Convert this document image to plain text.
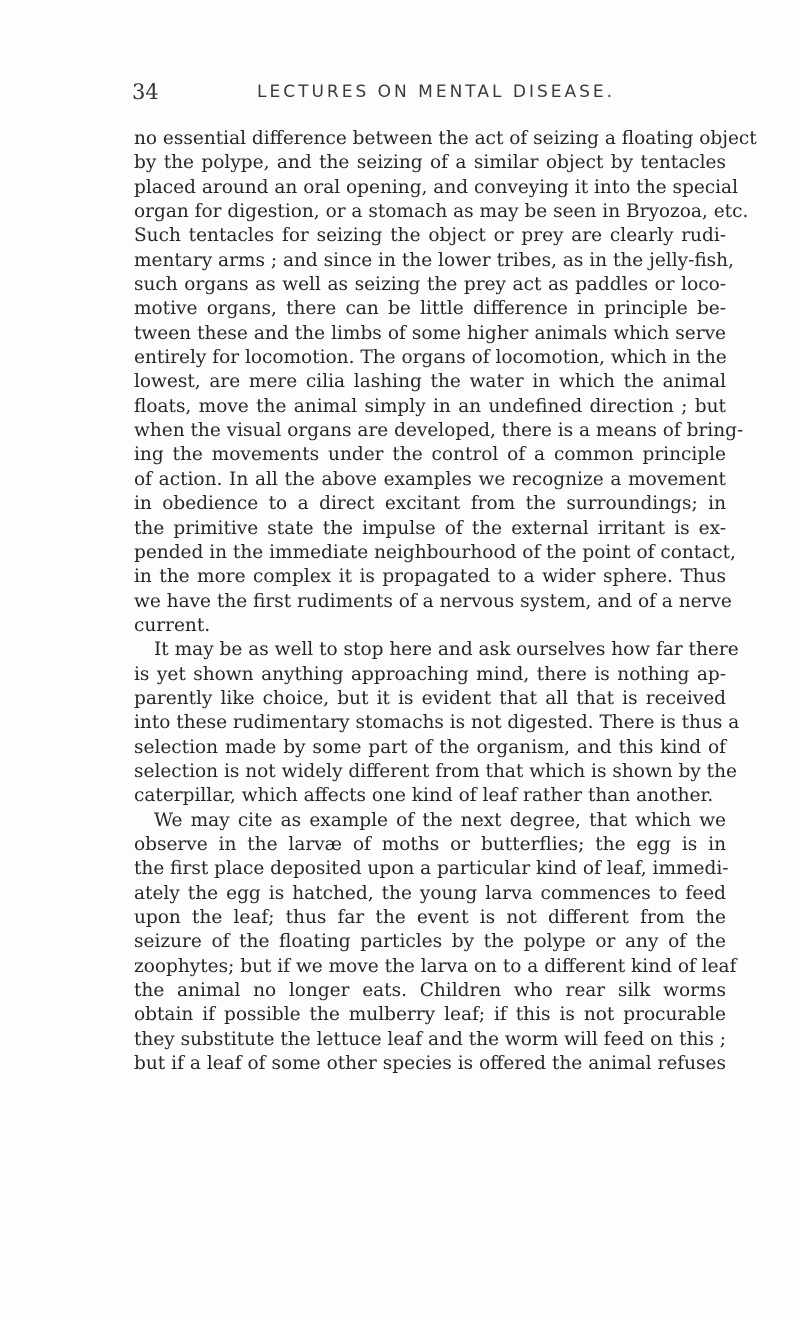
34	LECTURES ON MENTAL DISEASE.
no essential difference between the act of seizing a floating object
by the polype, and the seizing of a similar object by tentacles
placed around an oral opening, and conveying it into the special
organ for digestion, or a stomach as may be seen in Bryozoa, etc.
Such tentacles for seizing the object or prey are clearly rudi-
mentary arms ; and since in the lower tribes, as in the jelly-fish,
such organs as well as seizing the prey act as paddles or loco-
motive organs, there can be little difference in principle be-
tween these and the limbs of some higher animals which serve
entirely for locomotion. The organs of locomotion, which in the
lowest, are mere cilia lashing the water in which the animal
floats, move the animal simply in an undefined direction ; but
when the visual organs are developed, there is a means of bring-
ing the movements under the control of a common principle
of action. In all the above examples we recognize a movement
in obedience to a direct excitant from the surroundings; in
the primitive state the impulse of the external irritant is ex-
pended in the immediate neighbourhood of the point of contact,
in the more complex it is propagated to a wider sphere. Thus
we have the first rudiments of a nervous system, and of a nerve
current.
It may be as well to stop here and ask ourselves how far there
is yet shown anything approaching mind, there is nothing ap-
parently like choice, but it is evident that all that is received
into these rudimentary stomachs is not digested. There is thus a
selection made by some part of the organism, and this kind of
selection is not widely different from that which is shown by the
caterpillar, which affects one kind of leaf rather than another.
We may cite as example of the next degree, that which we
observe in the larvæ of moths or butterflies; the egg is in
the first place deposited upon a particular kind of leaf, immedi-
ately the egg is hatched, the young larva commences to feed
upon the leaf; thus far the event is not different from the
seizure of the floating particles by the polype or any of the
zoophytes; but if we move the larva on to a different kind of leaf
the animal no longer eats. Children who rear silk worms
obtain if possible the mulberry leaf; if this is not procurable
they substitute the lettuce leaf and the worm will feed on this ;
but if a leaf of some other species is offered the animal refuses
